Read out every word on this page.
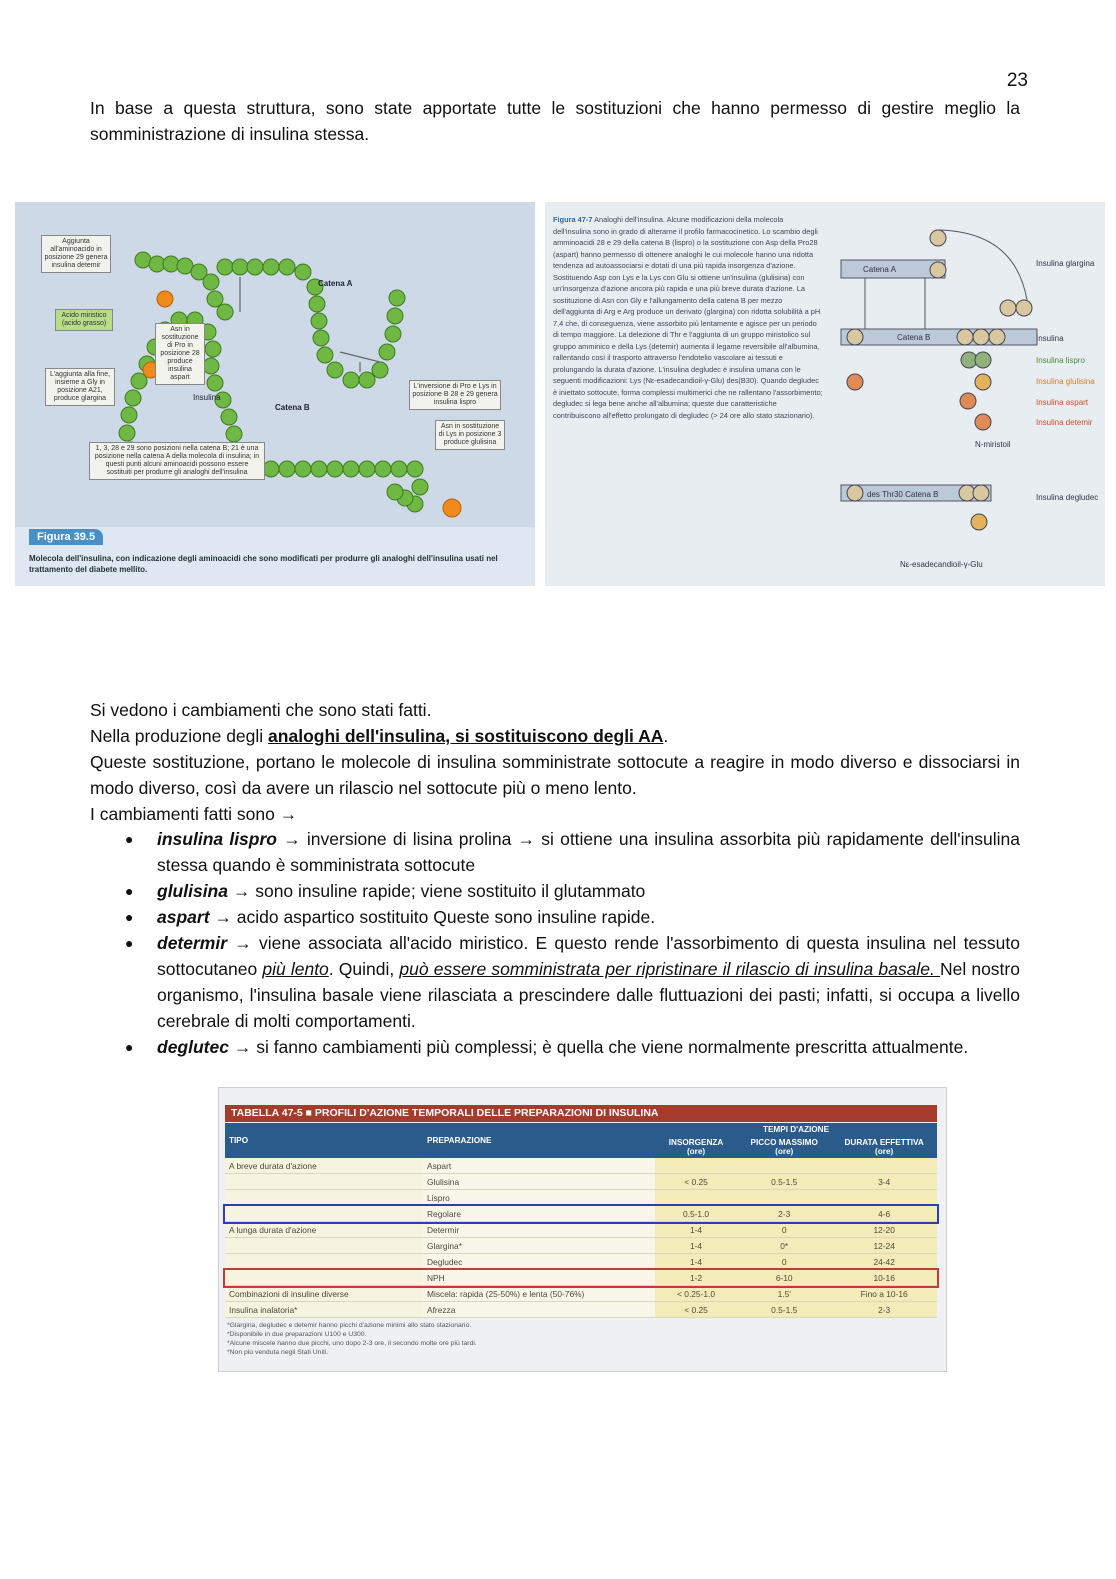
23

In base a questa struttura, sono state apportate tutte le sostituzioni che hanno permesso di gestire meglio la somministrazione di insulina stessa.

Aggiunta all'aminoacido in posizione 29 genera insulina detemir
Acido miristico (acido grasso)
Asn in sostituzione di Pro in posizione 28 produce insulina aspart
L'aggiunta alla fine, insieme a Gly in posizione A21, produce glargina
L'inversione di Pro e Lys in posizione B 28 e 29 genera insulina lispro
Asn in sostituzione di Lys in posizione 3 produce glulisina
1, 3, 28 e 29 sono posizioni nella catena B; 21 è una posizione nella catena A della molecola di insulina; in questi punti alcuni aminoacidi possono essere sostituiti per produrre gli analoghi dell'insulina
Catena A
Catena B
Insulina
Figura 39.5
Molecola dell'insulina, con indicazione degli aminoacidi che sono modificati per produrre gli analoghi dell'insulina usati nel trattamento del diabete mellito.
Figura 47-7 Analoghi dell'insulina. Alcune modificazioni della molecola dell'insulina sono in grado di alterarne il profilo farmacocinetico. Lo scambio degli amminoacidi 28 e 29 della catena B (lispro) o la sostituzione con Asp della Pro28 (aspart) hanno permesso di ottenere analoghi le cui molecole hanno una ridotta tendenza ad autoassociarsi e dotati di una più rapida insorgenza d'azione. Sostituendo Asp con Lys e la Lys con Glu si ottiene un'insulina (glulisina) con un'insorgenza d'azione ancora più rapida e una più breve durata d'azione. La sostituzione di Asn con Gly e l'allungamento della catena B per mezzo dell'aggiunta di Arg e Arg produce un derivato (glargina) con ridotta solubilità a pH 7,4 che, di conseguenza, viene assorbito più lentamente e agisce per un periodo di tempo maggiore. La delezione di Thr e l'aggiunta di un gruppo miristolico sul gruppo amminico e della Lys (detemir) aumenta il legame reversibile all'albumina, rallentando così il trasporto attraverso l'endotelio vascolare ai tessuti e prolungando la durata d'azione. L'insulina degludec è insulina umana con le seguenti modificazioni: Lys (Nε-esadecandioil-γ-Glu) des(B30). Quando degludec è iniettato sottocute, forma complessi multimerici che ne rallentano l'assorbimento; degludec si lega bene anche all'albumina; queste due caratteristiche contribuiscono all'effetto prolungato di degludec (> 24 ore allo stato stazionario).
Catena A
Catena B
Insulina glargina
Insulina
Insulina lispro
Insulina glulisina
Insulina aspart
Insulina detemir
Insulina degludec
N-miristoil
des Thr30 Catena B
Nε-esadecandioil-γ-Glu

Si vedono i cambiamenti che sono stati fatti.

Nella produzione degli analoghi dell'insulina, si sostituiscono degli AA.

Queste sostituzione, portano le molecole di insulina somministrate sottocute a reagire in modo diverso e dissociarsi in modo diverso, così da avere un rilascio nel sottocute più o meno lento.

I cambiamenti fatti sono →

● insulina lispro → inversione di lisina prolina → si ottiene una insulina assorbita più rapidamente dell'insulina stessa quando è somministrata sottocute
● glulisina → sono insuline rapide; viene sostituito il glutammato
● aspart → acido aspartico sostituito Queste sono insuline rapide.
● determir → viene associata all'acido miristico. E questo rende l'assorbimento di questa insulina nel tessuto sottocutaneo più lento. Quindi, può essere somministrata per ripristinare il rilascio di insulina basale. Nel nostro organismo, l'insulina basale viene rilasciata a prescindere dalle fluttuazioni dei pasti; infatti, si occupa a livello cerebrale di molti comportamenti.
● deglutec → si fanno cambiamenti più complessi; è quella che viene normalmente prescritta attualmente.
TABELLA 47-5 ■ PROFILI D'AZIONE TEMPORALI DELLE PREPARAZIONI DI INSULINA
TIPO	PREPARAZIONE	TEMPI D'AZIONE		
		INSORGENZA (ore)	PICCO MASSIMO (ore)	DURATA EFFETTIVA (ore)
A breve durata d'azione	Aspart			
	Glulisina	< 0.25	0.5-1.5	3-4
	Lispro			
	Regolare	0.5-1.0	2-3	4-6
A lunga durata d'azione	Determir	1-4	0	12-20
	Glargina*	1-4	0*	12-24
	Degludec	1-4	0	24-42
	NPH	1-2	6-10	10-16
Combinazioni di insuline diverse	Miscela: rapida (25-50%) e lenta (50-76%)	< 0.25-1.0	1.5'	Fino a 10-16
Insulina inalatoria*	Afrezza	< 0.25	0.5-1.5	2-3
*Glargina, degludec e detemir hanno picchi d'azione minimi allo stato stazionario.
*Disponibile in due preparazioni U100 e U300.
*Alcune miscele hanno due picchi, uno dopo 2-3 ore, il secondo molte ore più tardi.
*Non più venduta negli Stati Uniti.
